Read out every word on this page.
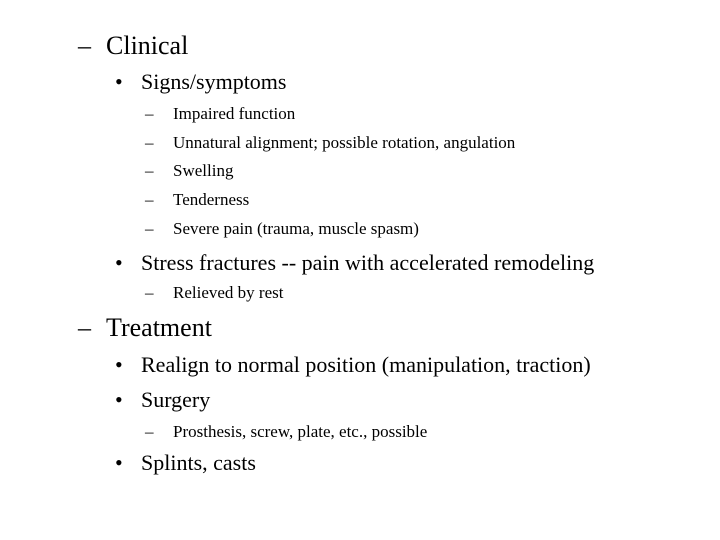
– Clinical
• Signs/symptoms
– Impaired function
– Unnatural alignment; possible rotation, angulation
– Swelling
– Tenderness
– Severe pain (trauma, muscle spasm)
• Stress fractures -- pain with accelerated remodeling
– Relieved by rest
– Treatment
• Realign to normal position (manipulation, traction)
• Surgery
– Prosthesis, screw, plate, etc., possible
• Splints, casts
